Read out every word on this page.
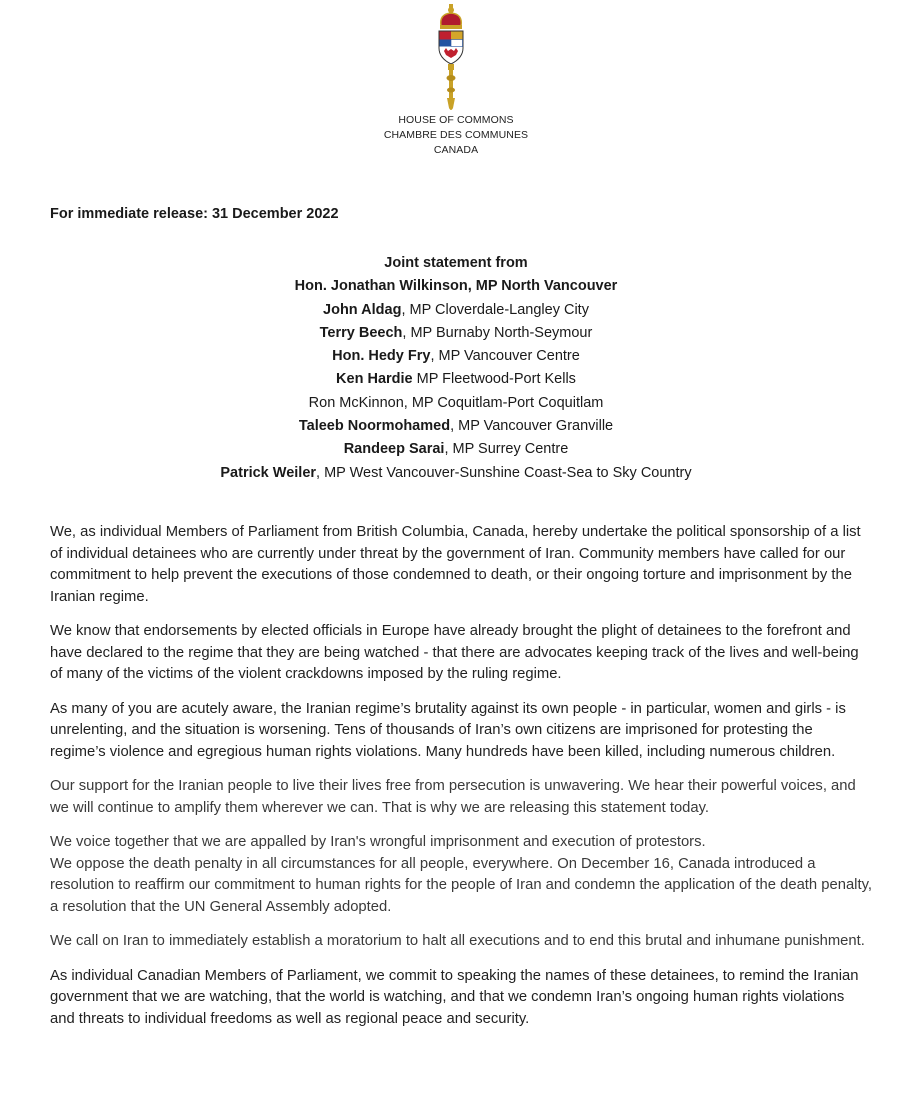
HOUSE OF COMMONS
CHAMBRE DES COMMUNES
CANADA
For immediate release: 31 December 2022
Joint statement from
Hon. Jonathan Wilkinson, MP North Vancouver
John Aldag, MP Cloverdale-Langley City
Terry Beech, MP Burnaby North-Seymour
Hon. Hedy Fry, MP Vancouver Centre
Ken Hardie MP Fleetwood-Port Kells
Ron McKinnon, MP Coquitlam-Port Coquitlam
Taleeb Noormohamed, MP Vancouver Granville
Randeep Sarai, MP Surrey Centre
Patrick Weiler, MP West Vancouver-Sunshine Coast-Sea to Sky Country

We, as individual Members of Parliament from British Columbia, Canada, hereby undertake the political sponsorship of a list of individual detainees who are currently under threat by the government of Iran. Community members have called for our commitment to help prevent the executions of those condemned to death, or their ongoing torture and imprisonment by the Iranian regime.

We know that endorsements by elected officials in Europe have already brought the plight of detainees to the forefront and have declared to the regime that they are being watched - that there are advocates keeping track of the lives and well-being of many of the victims of the violent crackdowns imposed by the ruling regime.

As many of you are acutely aware, the Iranian regime’s brutality against its own people - in particular, women and girls - is unrelenting, and the situation is worsening. Tens of thousands of Iran’s own citizens are imprisoned for protesting the regime’s violence and egregious human rights violations. Many hundreds have been killed, including numerous children.

Our support for the Iranian people to live their lives free from persecution is unwavering. We hear their powerful voices, and we will continue to amplify them wherever we can. That is why we are releasing this statement today.

We voice together that we are appalled by Iran's wrongful imprisonment and execution of protestors.

We oppose the death penalty in all circumstances for all people, everywhere. On December 16, Canada introduced a resolution to reaffirm our commitment to human rights for the people of Iran and condemn the application of the death penalty, a resolution that the UN General Assembly adopted.

We call on Iran to immediately establish a moratorium to halt all executions and to end this brutal and inhumane punishment.

As individual Canadian Members of Parliament, we commit to speaking the names of these detainees, to remind the Iranian government that we are watching, that the world is watching, and that we condemn Iran’s ongoing human rights violations and threats to individual freedoms as well as regional peace and security.
